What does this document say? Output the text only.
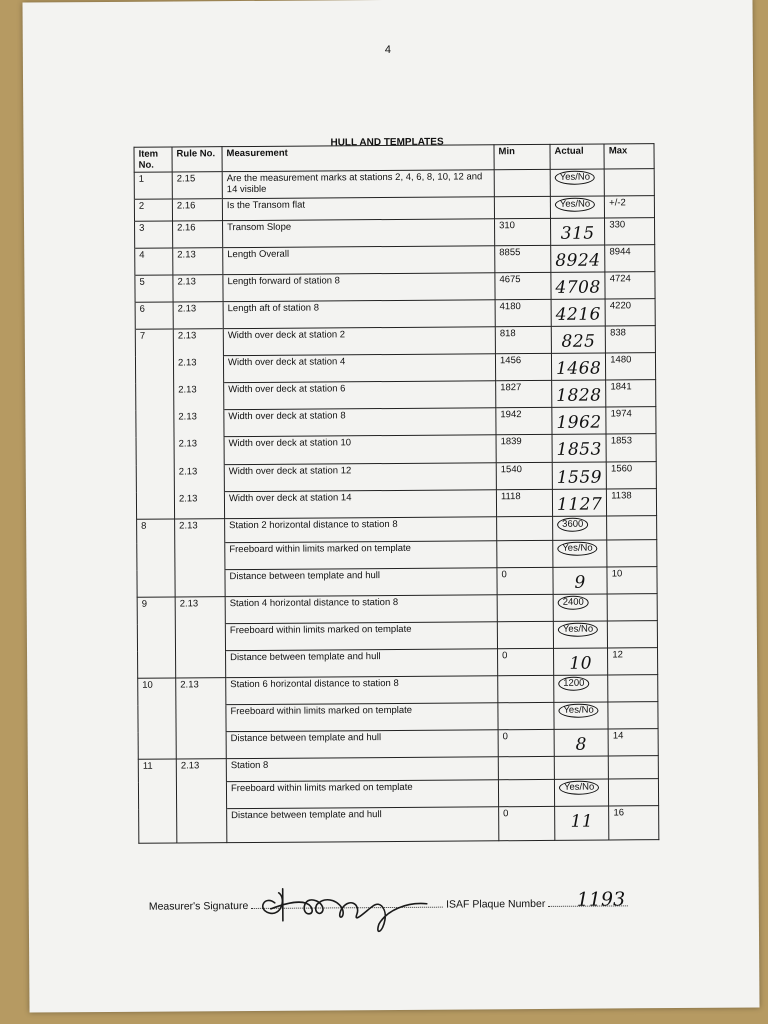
4
HULL AND TEMPLATES
Item No.	Rule No.	Measurement	Min	Actual	Max
1	2.15	Are the measurement marks at stations 2, 4, 6, 8, 10, 12 and 14 visible		Yes/No	
2	2.16	Is the Transom flat		Yes/No	+/-2
3	2.16	Transom Slope	310	315	330
4	2.13	Length Overall	8855	8924	8944
5	2.13	Length forward of station 8	4675	4708	4724
6	2.13	Length aft of station 8	4180	4216	4220
7	2.13	Width over deck at station 2	818	825	838
	2.13	Width over deck at station 4	1456	1468	1480
	2.13	Width over deck at station 6	1827	1828	1841
	2.13	Width over deck at station 8	1942	1962	1974
	2.13	Width over deck at station 10	1839	1853	1853
	2.13	Width over deck at station 12	1540	1559	1560
	2.13	Width over deck at station 14	1118	1127	1138
8	2.13	Station 2 horizontal distance to station 8		3600	
		Freeboard within limits marked on template		Yes/No	
		Distance between template and hull	0	9	10
9	2.13	Station 4 horizontal distance to station 8		2400	
		Freeboard within limits marked on template		Yes/No	
		Distance between template and hull	0	10	12
10	2.13	Station 6 horizontal distance to station 8		1200	
		Freeboard within limits marked on template		Yes/No	
		Distance between template and hull	0	8	14
11	2.13	Station 8			
		Freeboard within limits marked on template		Yes/No	
		Distance between template and hull	0	11	16
Measurer's Signature	ISAF Plaque Number	1193
